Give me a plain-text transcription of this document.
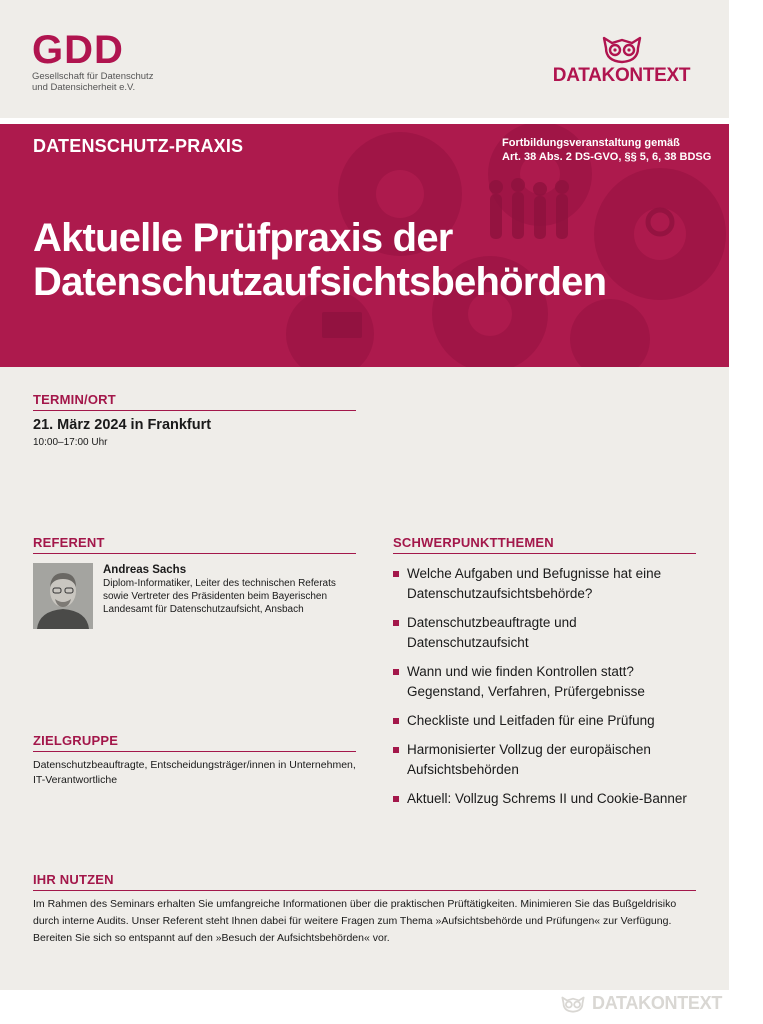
GDD
Gesellschaft für Datenschutz
und Datensicherheit e.V.
DATAKONTEXT
DATENSCHUTZ-PRAXIS	Fortbildungsveranstaltung gemäß
Art. 38 Abs. 2 DS-GVO, §§ 5, 6, 38 BDSG
Aktuelle Prüfpraxis der
Datenschutzaufsichtsbehörden
TERMIN/ORT
21. März 2024 in Frankfurt
10:00–17:00 Uhr
REFERENT
Andreas Sachs
Diplom-Informatiker, Leiter des technischen Referats sowie Vertreter des Präsidenten beim Bayerischen Landesamt für Datenschutzaufsicht, Ansbach
ZIELGRUPPE
Datenschutzbeauftragte, Entscheidungsträger/innen in Unternehmen, IT-Verantwortliche
SCHWERPUNKTTHEMEN
Welche Aufgaben und Befugnisse hat eine Datenschutzaufsichtsbehörde?
Datenschutzbeauftragte und Datenschutzaufsicht
Wann und wie finden Kontrollen statt? Gegenstand, Verfahren, Prüfergebnisse
Checkliste und Leitfaden für eine Prüfung
Harmonisierter Vollzug der europäischen Aufsichtsbehörden
Aktuell: Vollzug Schrems II und Cookie-Banner
IHR NUTZEN
Im Rahmen des Seminars erhalten Sie umfangreiche Informationen über die praktischen Prüftätigkeiten. Minimieren Sie das Bußgeldrisiko durch interne Audits. Unser Referent steht Ihnen dabei für weitere Fragen zum Thema »Aufsichtsbehörde und Prüfungen« zur Verfügung. Bereiten Sie sich so entspannt auf den »Besuch der Aufsichtsbehörden« vor.
DATAKONTEXT
